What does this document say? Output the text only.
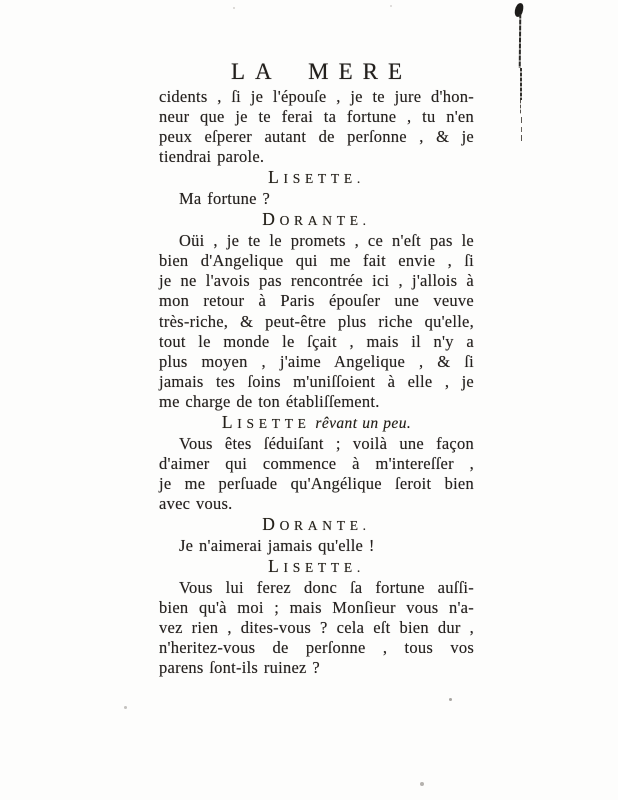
LA MERE
cidents , ſi je l'épouſe , je te jure d'hon-
neur que je te ferai ta fortune , tu n'en
peux eſperer autant de perſonne , & je
tiendrai parole.
LISETTE.
Ma fortune ?
DORANTE.
Oüi , je te le promets , ce n'eſt pas le
bien d'Angelique qui me fait envie , ſi
je ne l'avois pas rencontrée ici , j'allois à
mon retour à Paris épouſer une veuve
très-riche, & peut-être plus riche qu'elle,
tout le monde le ſçait , mais il n'y a
plus moyen , j'aime Angelique , & ſi
jamais tes ſoins m'uniſſoient à elle , je
me charge de ton établiſſement.
LISETTE rêvant un peu.
Vous êtes ſéduiſant ; voilà une façon
d'aimer qui commence à m'intereſſer ,
je me perſuade qu'Angélique ſeroit bien
avec vous.
DORANTE.
Je n'aimerai jamais qu'elle !
LISETTE.
Vous lui ferez donc ſa fortune auſſi-
bien qu'à moi ; mais Monſieur vous n'a-
vez rien , dites-vous ? cela eſt bien dur ,
n'heritez-vous de perſonne , tous vos
parens ſont-ils ruinez ?
